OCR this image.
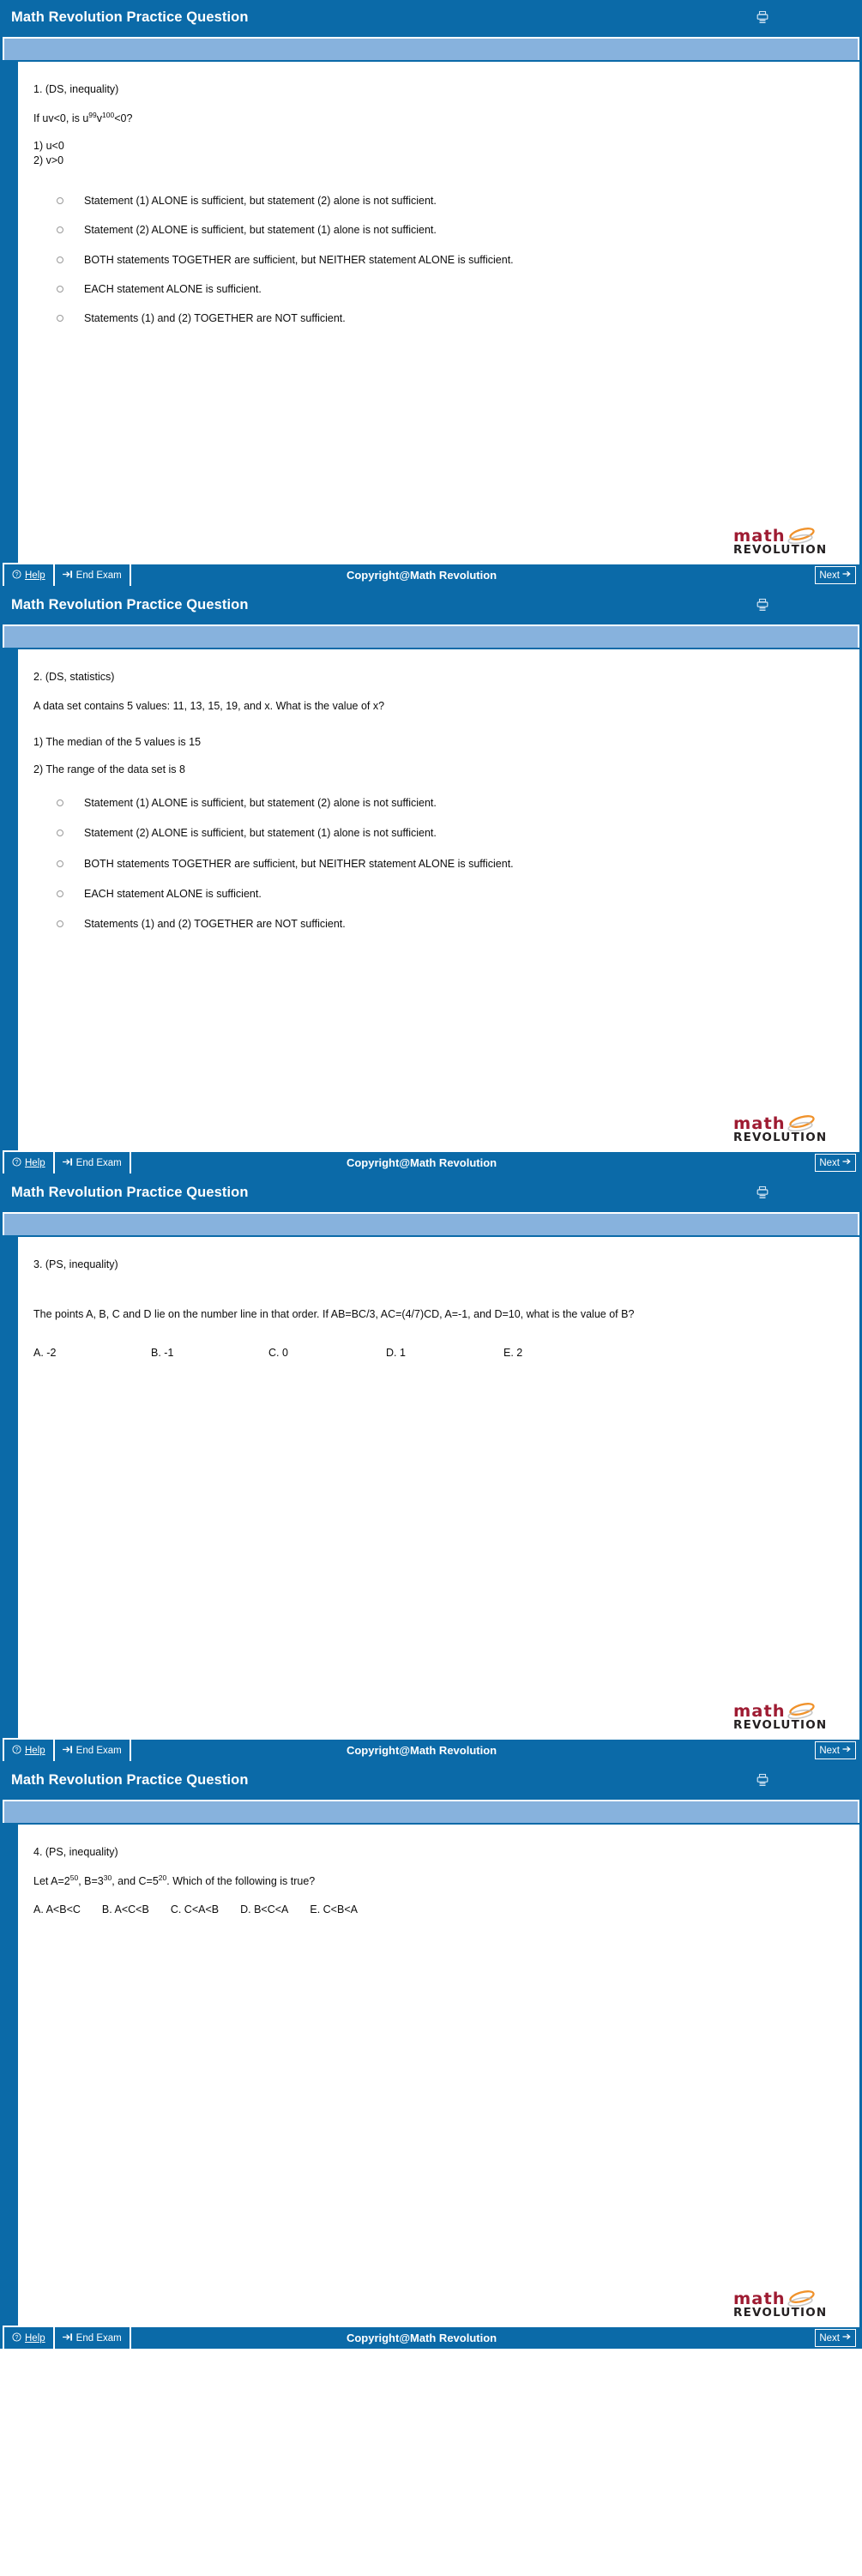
Math Revolution Practice Question
1. (DS, inequality)
If uv<0, is $u^{99}v^{100}<0$?
1) u<0
2) v>0
Statement (1) ALONE is sufficient, but statement (2) alone is not sufficient.
Statement (2) ALONE is sufficient, but statement (1) alone is not sufficient.
BOTH statements TOGETHER are sufficient, but NEITHER statement ALONE is sufficient.
EACH statement ALONE is sufficient.
Statements (1) and (2) TOGETHER are NOT sufficient.
math
REVOLUTION
? Help	End Exam	Copyright@Math Revolution	Next
Math Revolution Practice Question
2. (DS, statistics)
A data set contains 5 values: 11, 13, 15, 19, and x. What is the value of x?
1) The median of the 5 values is 15
2) The range of the data set is 8
Statement (1) ALONE is sufficient, but statement (2) alone is not sufficient.
Statement (2) ALONE is sufficient, but statement (1) alone is not sufficient.
BOTH statements TOGETHER are sufficient, but NEITHER statement ALONE is sufficient.
EACH statement ALONE is sufficient.
Statements (1) and (2) TOGETHER are NOT sufficient.
math
REVOLUTION
? Help	End Exam	Copyright@Math Revolution	Next
Math Revolution Practice Question
3. (PS, inequality)
The points A, B, C and D lie on the number line in that order. If AB=BC/3, AC=(4/7)CD, A=-1, and D=10, what is the value of B?
A. -2	B. -1	C. 0	D. 1	E. 2
math
REVOLUTION
? Help	End Exam	Copyright@Math Revolution	Next
Math Revolution Practice Question
4. (PS, inequality)
Let $A=2^{50}$, $B=3^{30}$, and $C=5^{20}$. Which of the following is true?
A. A<B<C B. A<C<B C. C<A<B D. B<C<A E. C<B<A
math
REVOLUTION
? Help	End Exam	Copyright@Math Revolution	Next
